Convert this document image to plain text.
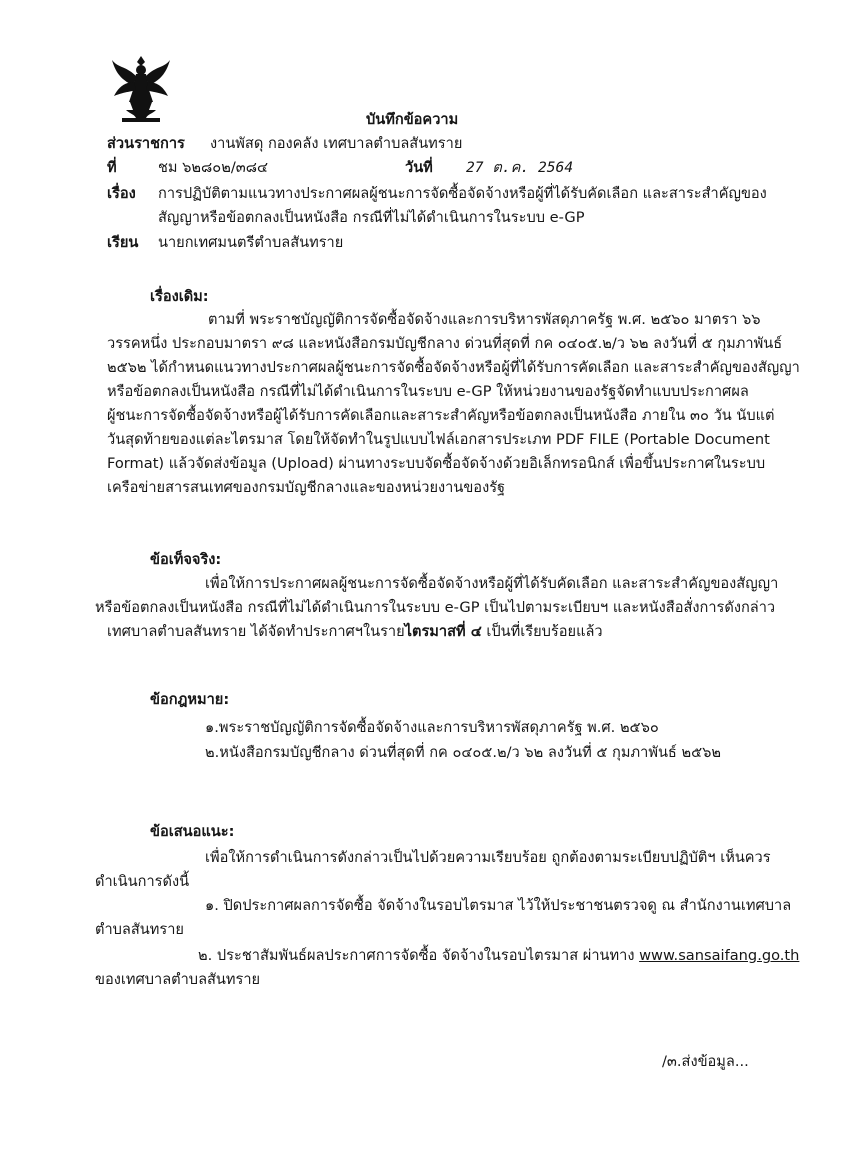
บันทึกข้อความ
ส่วนราชการ งานพัสดุ กองคลัง เทศบาลตำบลสันทราย
ที่	ชม ๖๒๘๐๒/๓๘๔	วันที่ 27 ต.ค. 2564
เรื่อง การปฏิบัติตามแนวทางประกาศผลผู้ชนะการจัดซื้อจัดจ้างหรือผู้ที่ได้รับคัดเลือก และสาระสำคัญของ
สัญญาหรือข้อตกลงเป็นหนังสือ กรณีที่ไม่ได้ดำเนินการในระบบ e-GP
เรียน นายกเทศมนตรีตำบลสันทราย
เรื่องเดิม:
ตามที่ พระราชบัญญัติการจัดซื้อจัดจ้างและการบริหารพัสดุภาครัฐ พ.ศ. ๒๕๖๐ มาตรา ๖๖
วรรคหนึ่ง ประกอบมาตรา ๙๘ และหนังสือกรมบัญชีกลาง ด่วนที่สุดที่ กค ๐๔๐๕.๒/ว ๖๒ ลงวันที่ ๕ กุมภาพันธ์
๒๕๖๒ ได้กำหนดแนวทางประกาศผลผู้ชนะการจัดซื้อจัดจ้างหรือผู้ที่ได้รับการคัดเลือก และสาระสำคัญของสัญญา
หรือข้อตกลงเป็นหนังสือ กรณีที่ไม่ได้ดำเนินการในระบบ e-GP ให้หน่วยงานของรัฐจัดทำแบบประกาศผล
ผู้ชนะการจัดซื้อจัดจ้างหรือผู้ได้รับการคัดเลือกและสาระสำคัญหรือข้อตกลงเป็นหนังสือ ภายใน ๓๐ วัน นับแต่
วันสุดท้ายของแต่ละไตรมาส โดยให้จัดทำในรูปแบบไฟล์เอกสารประเภท PDF FILE (Portable Document
Format) แล้วจัดส่งข้อมูล (Upload) ผ่านทางระบบจัดซื้อจัดจ้างด้วยอิเล็กทรอนิกส์ เพื่อขึ้นประกาศในระบบ
เครือข่ายสารสนเทศของกรมบัญชีกลางและของหน่วยงานของรัฐ
ข้อเท็จจริง:
เพื่อให้การประกาศผลผู้ชนะการจัดซื้อจัดจ้างหรือผู้ที่ได้รับคัดเลือก และสาระสำคัญของสัญญา
หรือข้อตกลงเป็นหนังสือ กรณีที่ไม่ได้ดำเนินการในระบบ e-GP เป็นไปตามระเบียบฯ และหนังสือสั่งการดังกล่าว
เทศบาลตำบลสันทราย ได้จัดทำประกาศฯในรายไตรมาสที่ ๔ เป็นที่เรียบร้อยแล้ว
ข้อกฎหมาย:
๑.พระราชบัญญัติการจัดซื้อจัดจ้างและการบริหารพัสดุภาครัฐ พ.ศ. ๒๕๖๐
๒.หนังสือกรมบัญชีกลาง ด่วนที่สุดที่ กค ๐๔๐๕.๒/ว ๖๒ ลงวันที่ ๕ กุมภาพันธ์ ๒๕๖๒
ข้อเสนอแนะ:
เพื่อให้การดำเนินการดังกล่าวเป็นไปด้วยความเรียบร้อย ถูกต้องตามระเบียบปฏิบัติฯ เห็นควร
ดำเนินการดังนี้
๑. ปิดประกาศผลการจัดซื้อ จัดจ้างในรอบไตรมาส ไว้ให้ประชาชนตรวจดู ณ สำนักงานเทศบาล
ตำบลสันทราย
๒. ประชาสัมพันธ์ผลประกาศการจัดซื้อ จัดจ้างในรอบไตรมาส ผ่านทาง www.sansaifang.go.th
ของเทศบาลตำบลสันทราย
/๓.ส่งข้อมูล...
